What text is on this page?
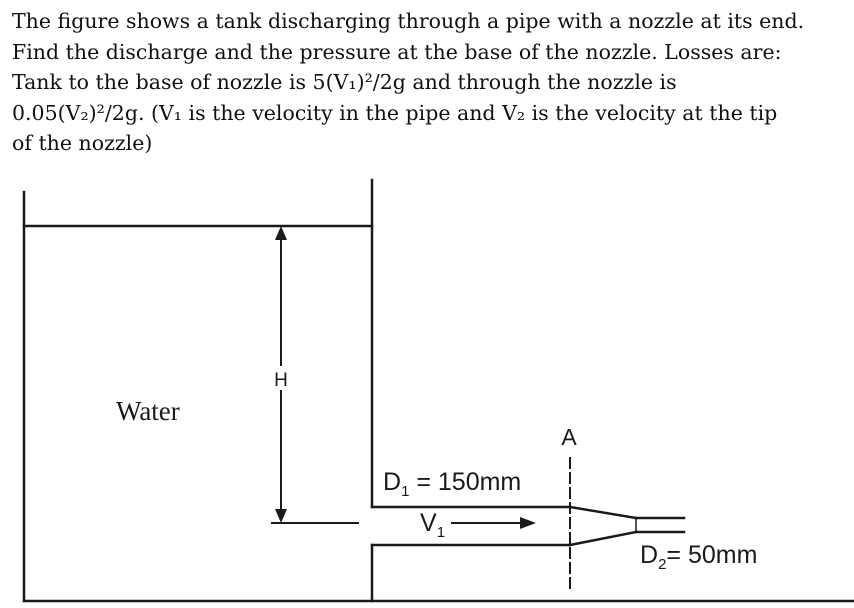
The figure shows a tank discharging through a pipe with a nozzle at its end.

Find the discharge and the pressure at the base of the nozzle. Losses are:

Tank to the base of nozzle is 5(V₁)²/2g and through the nozzle is

0.05(V₂)²/2g. (V₁ is the velocity in the pipe and V₂ is the velocity at the tip

of the nozzle)

H
Water
A
$D_1 = 150mm$
$V_1$
$D_2= 50mm$
